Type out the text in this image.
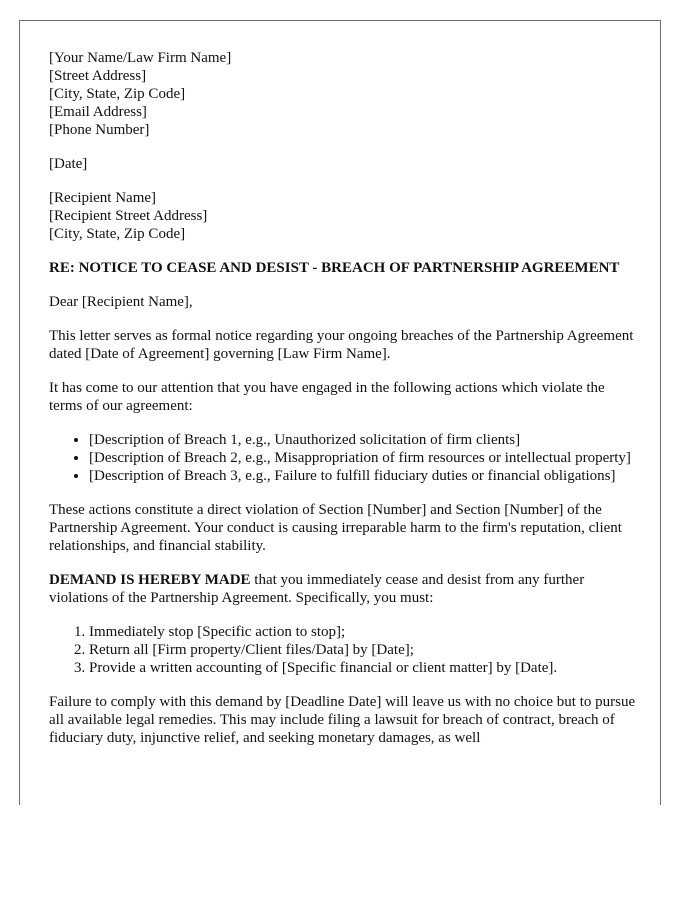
[Your Name/Law Firm Name]
[Street Address]
[City, State, Zip Code]
[Email Address]
[Phone Number]
[Date]
[Recipient Name]
[Recipient Street Address]
[City, State, Zip Code]
RE: NOTICE TO CEASE AND DESIST - BREACH OF PARTNERSHIP AGREEMENT

Dear [Recipient Name],

This letter serves as formal notice regarding your ongoing breaches of the Partnership Agreement dated [Date of Agreement] governing [Law Firm Name].

It has come to our attention that you have engaged in the following actions which violate the terms of our agreement:

• [Description of Breach 1, e.g., Unauthorized solicitation of firm clients]
• [Description of Breach 2, e.g., Misappropriation of firm resources or intellectual property]
• [Description of Breach 3, e.g., Failure to fulfill fiduciary duties or financial obligations]

These actions constitute a direct violation of Section [Number] and Section [Number] of the Partnership Agreement. Your conduct is causing irreparable harm to the firm's reputation, client relationships, and financial stability.

DEMAND IS HEREBY MADE that you immediately cease and desist from any further violations of the Partnership Agreement. Specifically, you must:

1. Immediately stop [Specific action to stop];
2. Return all [Firm property/Client files/Data] by [Date];
3. Provide a written accounting of [Specific financial or client matter] by [Date].

Failure to comply with this demand by [Deadline Date] will leave us with no choice but to pursue all available legal remedies. This may include filing a lawsuit for breach of contract, breach of fiduciary duty, injunctive relief, and seeking monetary damages, as well
